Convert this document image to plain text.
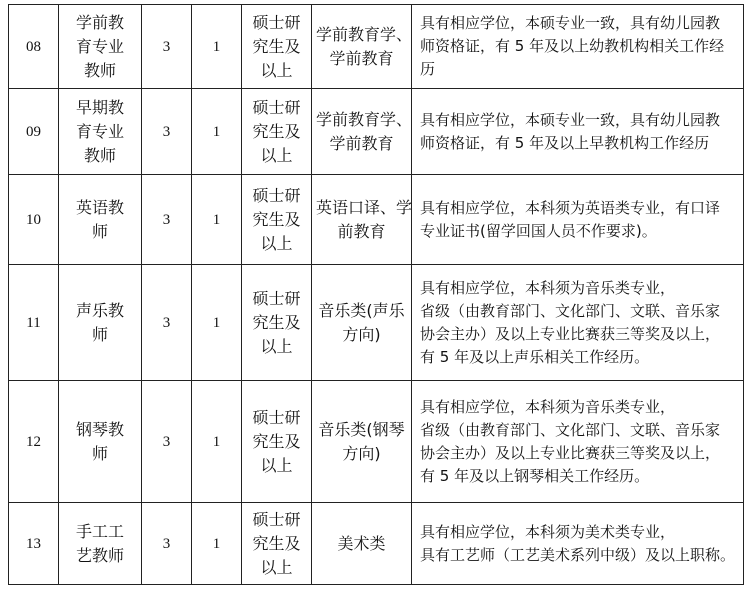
08	学前教
育专业
教师	3	1	硕士研
究生及
以上	学前教育学、
学前教育	具有相应学位，本硕专业一致，具有幼儿园教
师资格证，有 5 年及以上幼教机构相关工作经
历

09	早期教
育专业
教师	3	1	硕士研
究生及
以上	学前教育学、
学前教育	具有相应学位，本硕专业一致，具有幼儿园教
师资格证，有 5 年及以上早教机构工作经历

10	英语教
师	3	1	硕士研
究生及
以上	英语口译、学
前教育	具有相应学位，本科须为英语类专业，有口译
专业证书(留学回国人员不作要求)。

11	声乐教
师	3	1	硕士研
究生及
以上	音乐类(声乐
方向)	具有相应学位，本科须为音乐类专业，
省级（由教育部门、文化部门、文联、音乐家
协会主办）及以上专业比赛获三等奖及以上，
有 5 年及以上声乐相关工作经历。

12	钢琴教
师	3	1	硕士研
究生及
以上	音乐类(钢琴
方向)	具有相应学位，本科须为音乐类专业，
省级（由教育部门、文化部门、文联、音乐家
协会主办）及以上专业比赛获三等奖及以上，
有 5 年及以上钢琴相关工作经历。

13	手工工
艺教师	3	1	硕士研
究生及
以上	美术类	具有相应学位，本科须为美术类专业，
具有工艺师（工艺美术系列中级）及以上职称。
